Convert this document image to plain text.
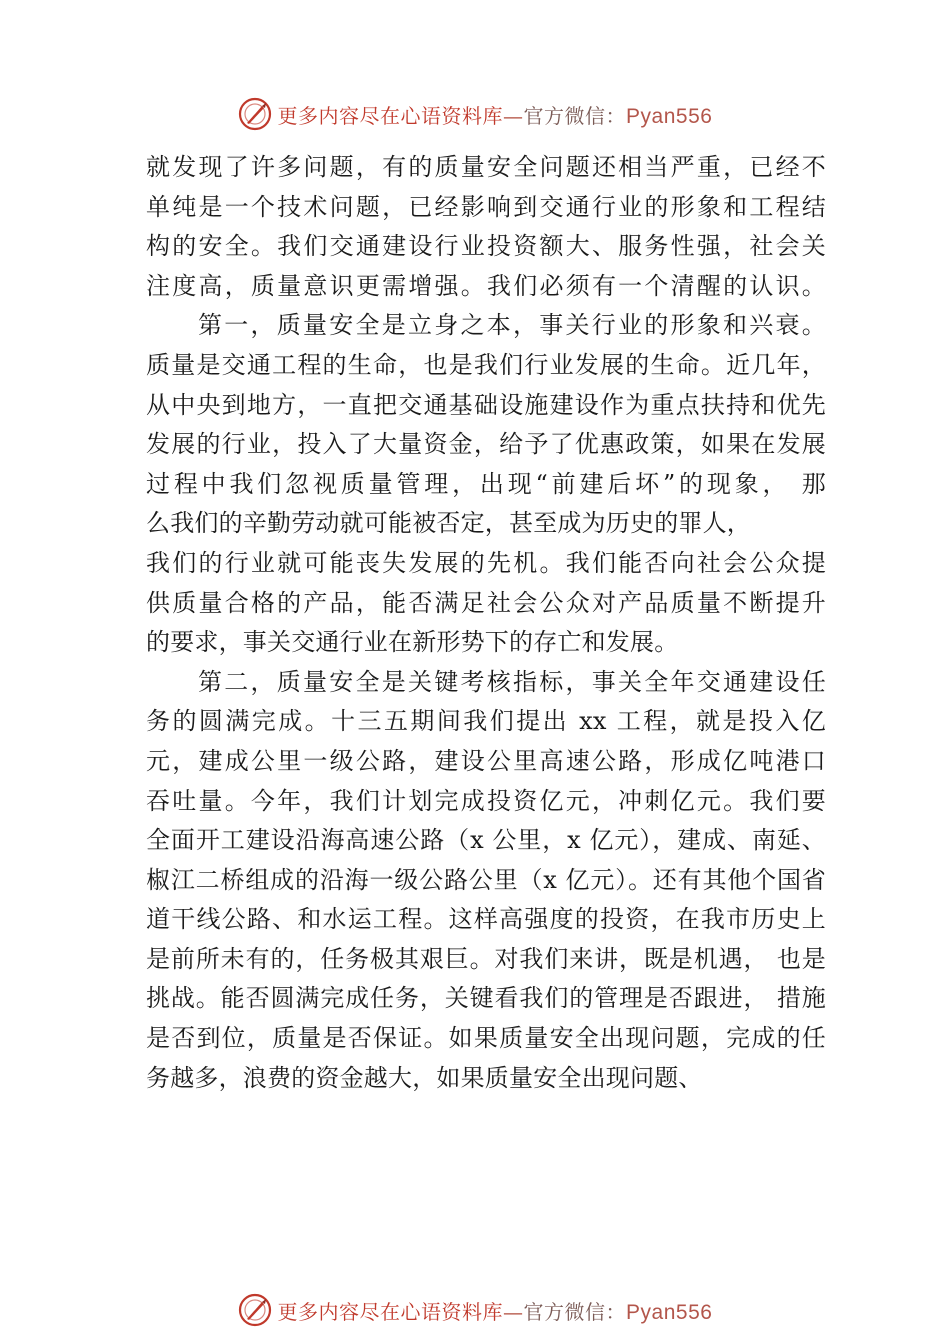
更多内容尽在心语资料库—官方微信：Pyan556
就发现了许多问题，有的质量安全问题还相当严重，已经不
单纯是一个技术问题，已经影响到交通行业的形象和工程结
构的安全。我们交通建设行业投资额大、服务性强，社会关
注度高，质量意识更需增强。我们必须有一个清醒的认识。
第一，质量安全是立身之本，事关行业的形象和兴衰。
质量是交通工程的生命，也是我们行业发展的生命。近几年，
从中央到地方，一直把交通基础设施建设作为重点扶持和优先
发展的行业，投入了大量资金，给予了优惠政策，如果在发展
过程中我们忽视质量管理，出现“前建后坏”的现象， 那
么我们的辛勤劳动就可能被否定，甚至成为历史的罪人，
我们的行业就可能丧失发展的先机。我们能否向社会公众提
供质量合格的产品，能否满足社会公众对产品质量不断提升
的要求，事关交通行业在新形势下的存亡和发展。
第二，质量安全是关键考核指标，事关全年交通建设任
务的圆满完成。十三五期间我们提出 xx 工程，就是投入亿
元，建成公里一级公路，建设公里高速公路，形成亿吨港口
吞吐量。今年，我们计划完成投资亿元，冲刺亿元。我们要
全面开工建设沿海高速公路（x 公里，x 亿元），建成、南延、
椒江二桥组成的沿海一级公路公里（x 亿元）。还有其他个国省
道干线公路、和水运工程。这样高强度的投资，在我市历史上
是前所未有的，任务极其艰巨。对我们来讲，既是机遇， 也是
挑战。能否圆满完成任务，关键看我们的管理是否跟进， 措施
是否到位，质量是否保证。如果质量安全出现问题，完成的任
务越多，浪费的资金越大，如果质量安全出现问题、
更多内容尽在心语资料库—官方微信：Pyan556
